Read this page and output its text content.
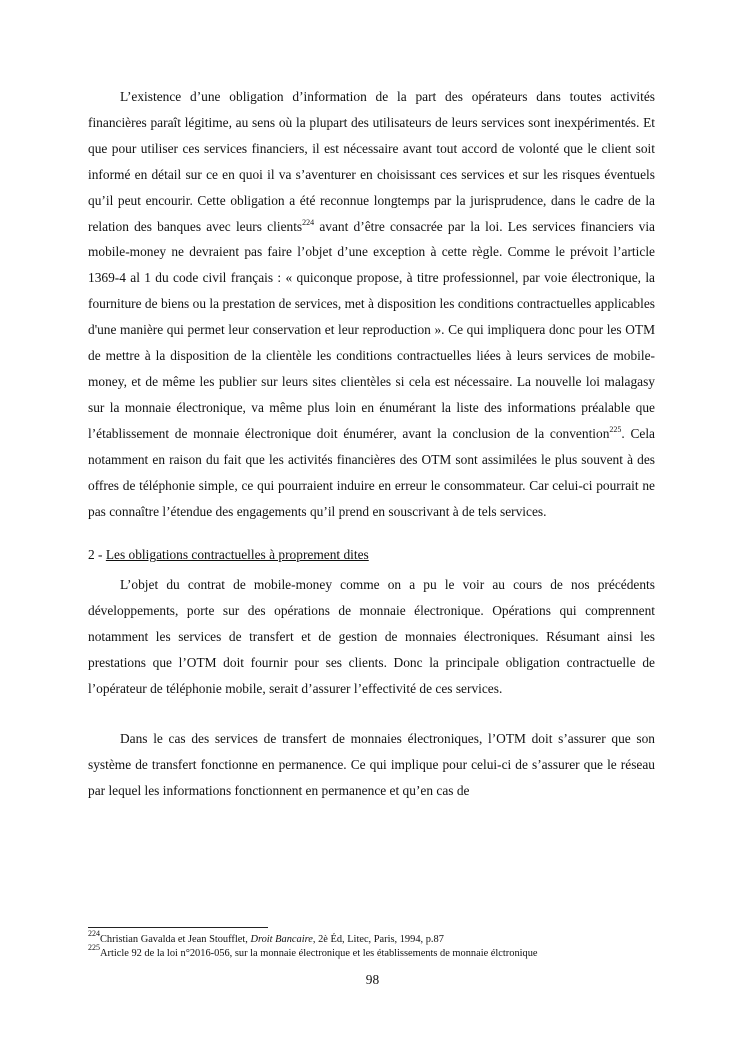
L’existence d’une obligation d’information de la part des opérateurs dans toutes activités financières paraît légitime, au sens où la plupart des utilisateurs de leurs services sont inexpérimentés. Et que pour utiliser ces services financiers, il est nécessaire avant tout accord de volonté que le client soit informé en détail sur ce en quoi il va s’aventurer en choisissant ces services et sur les risques éventuels qu’il peut encourir. Cette obligation a été reconnue longtemps par la jurisprudence, dans le cadre de la relation des banques avec leurs clients$^{224}$ avant d’être consacrée par la loi. Les services financiers via mobile-money ne devraient pas faire l’objet d’une exception à cette règle. Comme le prévoit l’article 1369-4 al 1 du code civil français : « quiconque propose, à titre professionnel, par voie électronique, la fourniture de biens ou la prestation de services, met à disposition les conditions contractuelles applicables d'une manière qui permet leur conservation et leur reproduction ». Ce qui impliquera donc pour les OTM de mettre à la disposition de la clientèle les conditions contractuelles liées à leurs services de mobile-money, et de même les publier sur leurs sites clientèles si cela est nécessaire. La nouvelle loi malagasy sur la monnaie électronique, va même plus loin en énumérant la liste des informations préalable que l’établissement de monnaie électronique doit énumérer, avant la conclusion de la convention$^{225}$. Cela notamment en raison du fait que les activités financières des OTM sont assimilées le plus souvent à des offres de téléphonie simple, ce qui pourraient induire en erreur le consommateur. Car celui-ci pourrait ne pas connaître l’étendue des engagements qu’il prend en souscrivant à de tels services.

2 - Les obligations contractuelles à proprement dites

L’objet du contrat de mobile-money comme on a pu le voir au cours de nos précédents développements, porte sur des opérations de monnaie électronique. Opérations qui comprennent notamment les services de transfert et de gestion de monnaies électroniques. Résumant ainsi les prestations que l’OTM doit fournir pour ses clients. Donc la principale obligation contractuelle de l’opérateur de téléphonie mobile, serait d’assurer l’effectivité de ces services.

Dans le cas des services de transfert de monnaies électroniques, l’OTM doit s’assurer que son système de transfert fonctionne en permanence. Ce qui implique pour celui-ci de s’assurer que le réseau par lequel les informations fonctionnent en permanence et qu’en cas de

$^{224}$Christian Gavalda et Jean Stoufflet, Droit Bancaire, 2è Éd, Litec, Paris, 1994, p.87
$^{225}$Article 92 de la loi n°2016-056, sur la monnaie électronique et les établissements de monnaie élctronique
98
